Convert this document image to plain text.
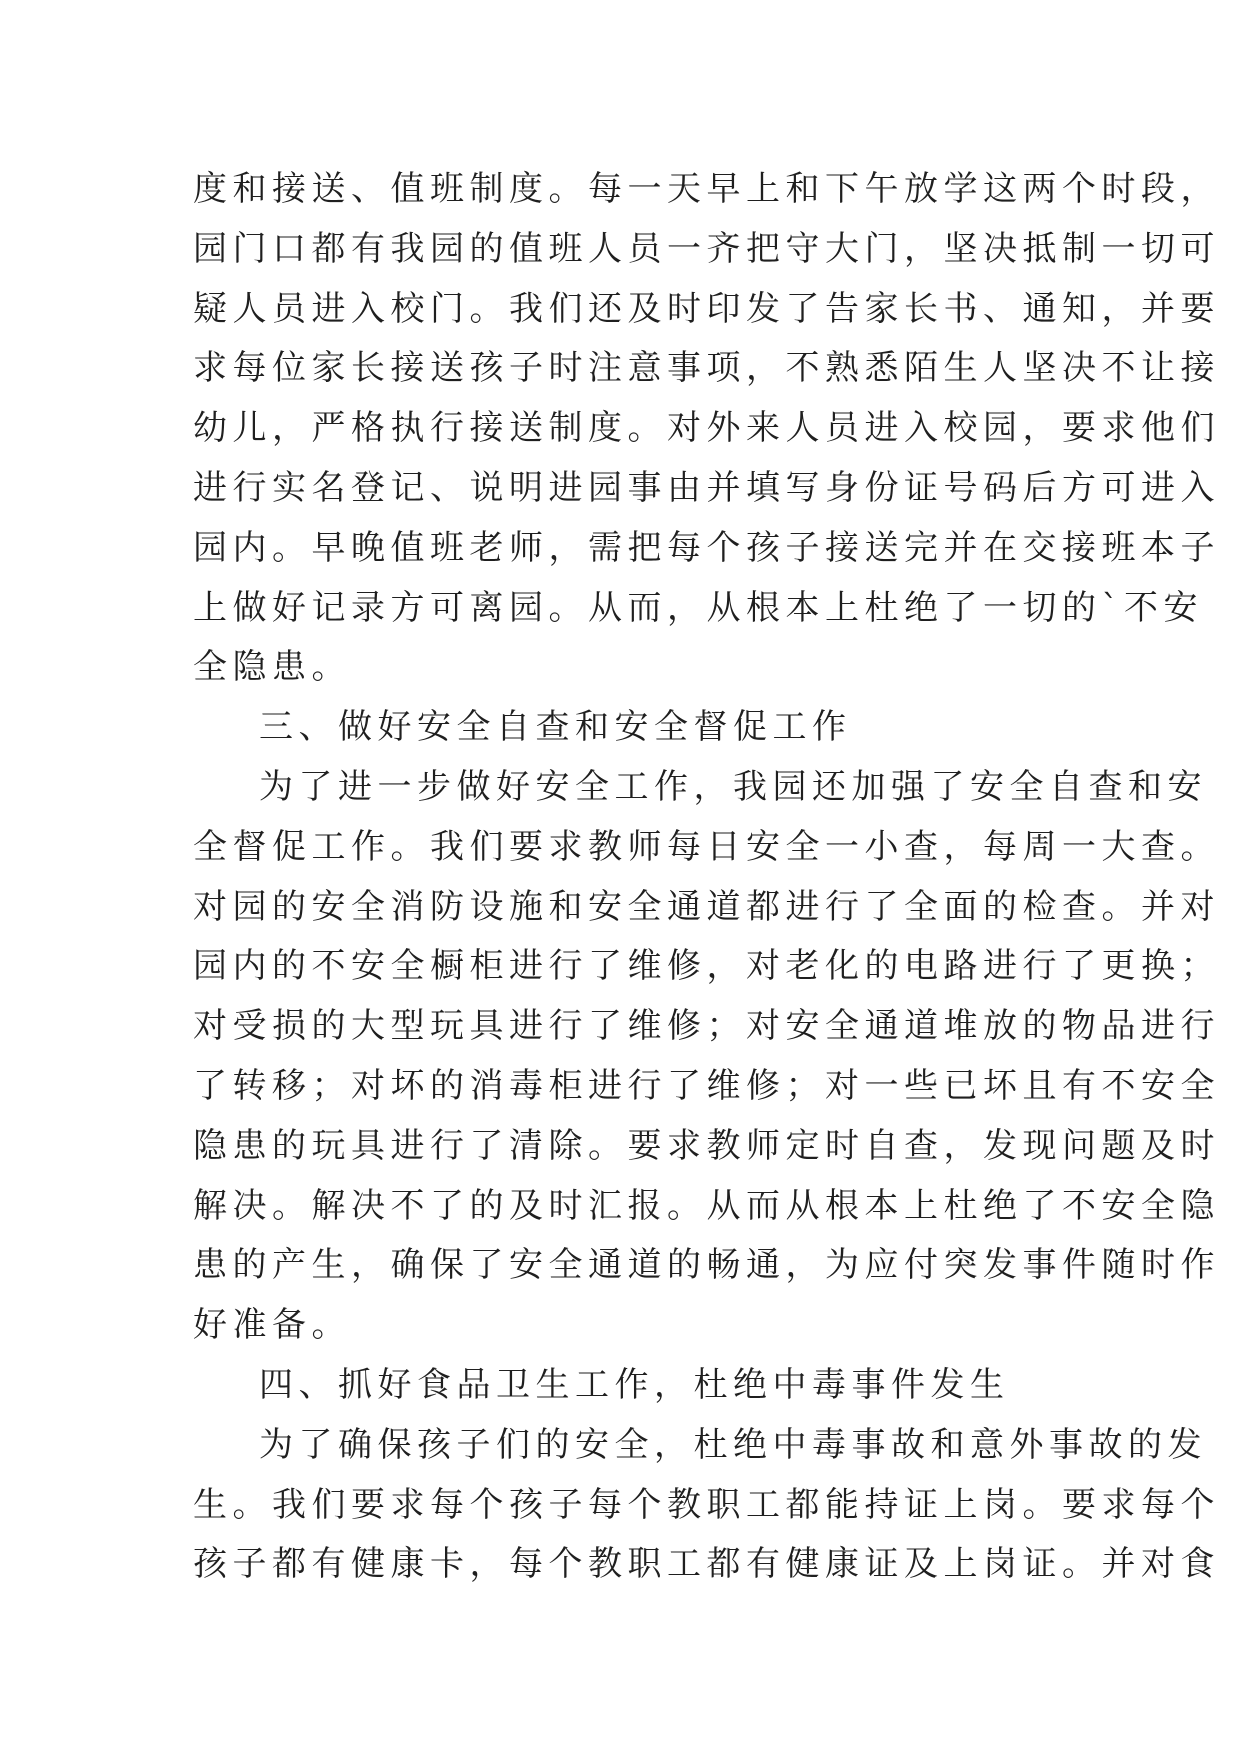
度和接送、值班制度。每一天早上和下午放学这两个时段，
园门口都有我园的值班人员一齐把守大门，坚决抵制一切可
疑人员进入校门。我们还及时印发了告家长书、通知，并要
求每位家长接送孩子时注意事项，不熟悉陌生人坚决不让接
幼儿，严格执行接送制度。对外来人员进入校园，要求他们
进行实名登记、说明进园事由并填写身份证号码后方可进入
园内。早晚值班老师，需把每个孩子接送完并在交接班本子
上做好记录方可离园。从而，从根本上杜绝了一切的`不安
全隐患。
三、做好安全自查和安全督促工作
为了进一步做好安全工作，我园还加强了安全自查和安
全督促工作。我们要求教师每日安全一小查，每周一大查。
对园的安全消防设施和安全通道都进行了全面的检查。并对
园内的不安全橱柜进行了维修，对老化的电路进行了更换；
对受损的大型玩具进行了维修；对安全通道堆放的物品进行
了转移；对坏的消毒柜进行了维修；对一些已坏且有不安全
隐患的玩具进行了清除。要求教师定时自查，发现问题及时
解决。解决不了的及时汇报。从而从根本上杜绝了不安全隐
患的产生，确保了安全通道的畅通，为应付突发事件随时作
好准备。
四、抓好食品卫生工作，杜绝中毒事件发生
为了确保孩子们的安全，杜绝中毒事故和意外事故的发
生。我们要求每个孩子每个教职工都能持证上岗。要求每个
孩子都有健康卡，每个教职工都有健康证及上岗证。并对食
